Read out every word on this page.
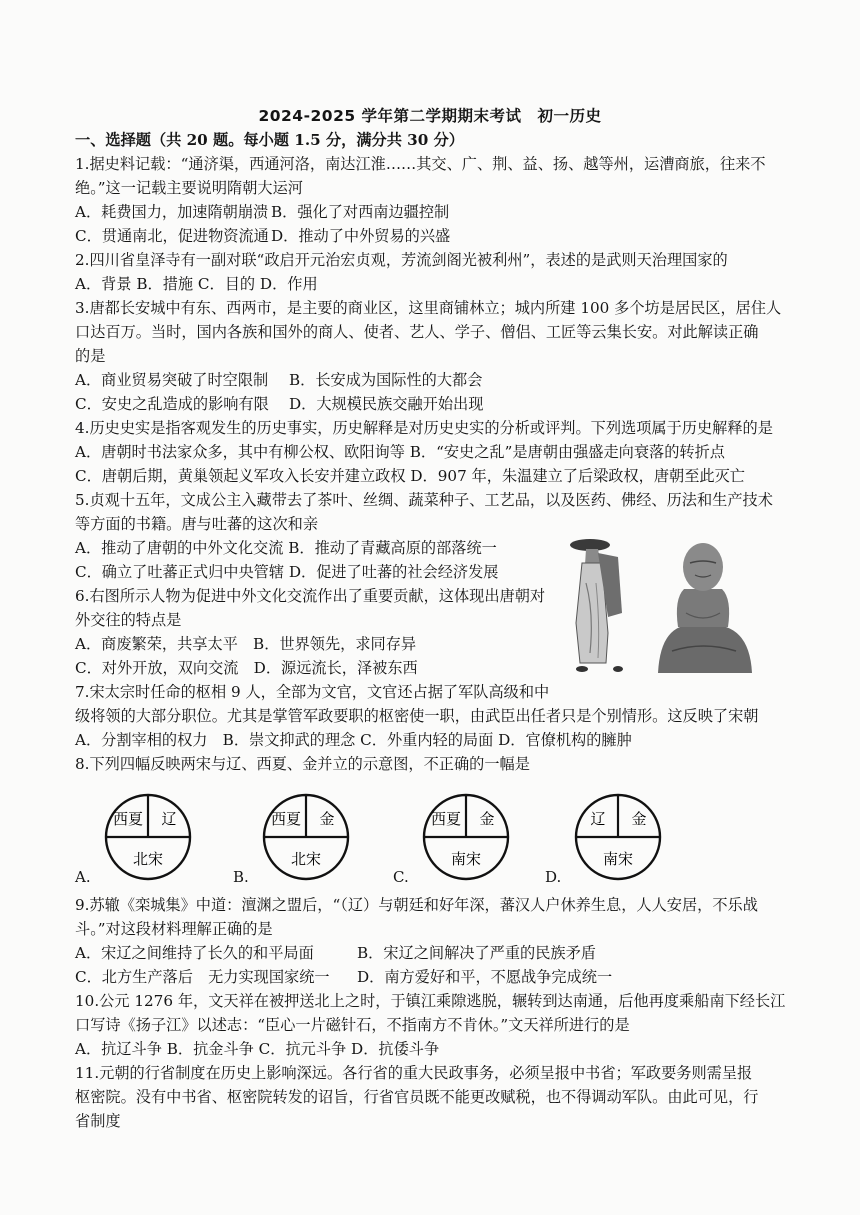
2024-2025 学年第二学期期末考试　初一历史
一、选择题（共 20 题。每小题 1.5 分，满分共 30 分）
1.据史料记载：“通济渠，西通河洛，南达江淮……其交、广、荆、益、扬、越等州，运漕商旅，往来不
绝。”这一记载主要说明隋朝大运河
A．耗费国力，加速隋朝崩溃 B．强化了对西南边疆控制
C．贯通南北，促进物资流通 D．推动了中外贸易的兴盛
2.四川省皇泽寺有一副对联“政启开元治宏贞观，芳流剑阁光被利州”，表述的是武则天治理国家的
A．背景 B．措施 C．目的 D．作用
3.唐都长安城中有东、西两市，是主要的商业区，这里商铺林立；城内所建 100 多个坊是居民区，居住人
口达百万。当时，国内各族和国外的商人、使者、艺人、学子、僧侣、工匠等云集长安。对此解读正确
的是
A．商业贸易突破了时空限制 B．长安成为国际性的大都会
C．安史之乱造成的影响有限 D．大规模民族交融开始出现
4.历史史实是指客观发生的历史事实，历史解释是对历史史实的分析或评判。下列选项属于历史解释的是
A．唐朝时书法家众多，其中有柳公权、欧阳询等 B．“安史之乱”是唐朝由强盛走向衰落的转折点
C．唐朝后期，黄巢领起义军攻入长安并建立政权 D．907 年，朱温建立了后梁政权，唐朝至此灭亡
5.贞观十五年，文成公主入藏带去了茶叶、丝绸、蔬菜种子、工艺品，以及医药、佛经、历法和生产技术
等方面的书籍。唐与吐蕃的这次和亲
A．推动了唐朝的中外文化交流 B．推动了青藏高原的部落统一
C．确立了吐蕃正式归中央管辖 D．促进了吐蕃的社会经济发展
6.右图所示人物为促进中外文化交流作出了重要贡献，这体现出唐朝对
外交往的特点是
A．商废繁荣，共享太平　B．世界领先，求同存异
C．对外开放，双向交流　D．源远流长，泽被东西
7.宋太宗时任命的枢相 9 人，全部为文官，文官还占据了军队高级和中
级将领的大部分职位。尤其是掌管军政要职的枢密使一职，由武臣出任者只是个别情形。这反映了宋朝
A．分割宰相的权力　B．崇文抑武的理念 C．外重内轻的局面 D．官僚机构的臃肿
8.下列四幅反映两宋与辽、西夏、金并立的示意图，不正确的一幅是
西夏 辽
北宋
A.
西夏 金
北宋
B.
西夏 金
南宋
C.
辽 金
南宋
D.
9.苏辙《栾城集》中道：澶渊之盟后，“（辽）与朝廷和好年深，蕃汉人户休养生息，人人安居，不乐战
斗。”对这段材料理解正确的是
A．宋辽之间维持了长久的和平局面	B．宋辽之间解决了严重的民族矛盾
C．北方生产落后　无力实现国家统一 D．南方爱好和平，不愿战争完成统一
10.公元 1276 年，文天祥在被押送北上之时，于镇江乘隙逃脱，辗转到达南通，后他再度乘船南下经长江
口写诗《扬子江》以述志：“臣心一片磁针石，不指南方不肯休。”文天祥所进行的是
A．抗辽斗争 B．抗金斗争 C．抗元斗争 D．抗倭斗争
11.元朝的行省制度在历史上影响深远。各行省的重大民政事务，必须呈报中书省；军政要务则需呈报
枢密院。没有中书省、枢密院转发的诏旨，行省官员既不能更改赋税，也不得调动军队。由此可见，行
省制度
